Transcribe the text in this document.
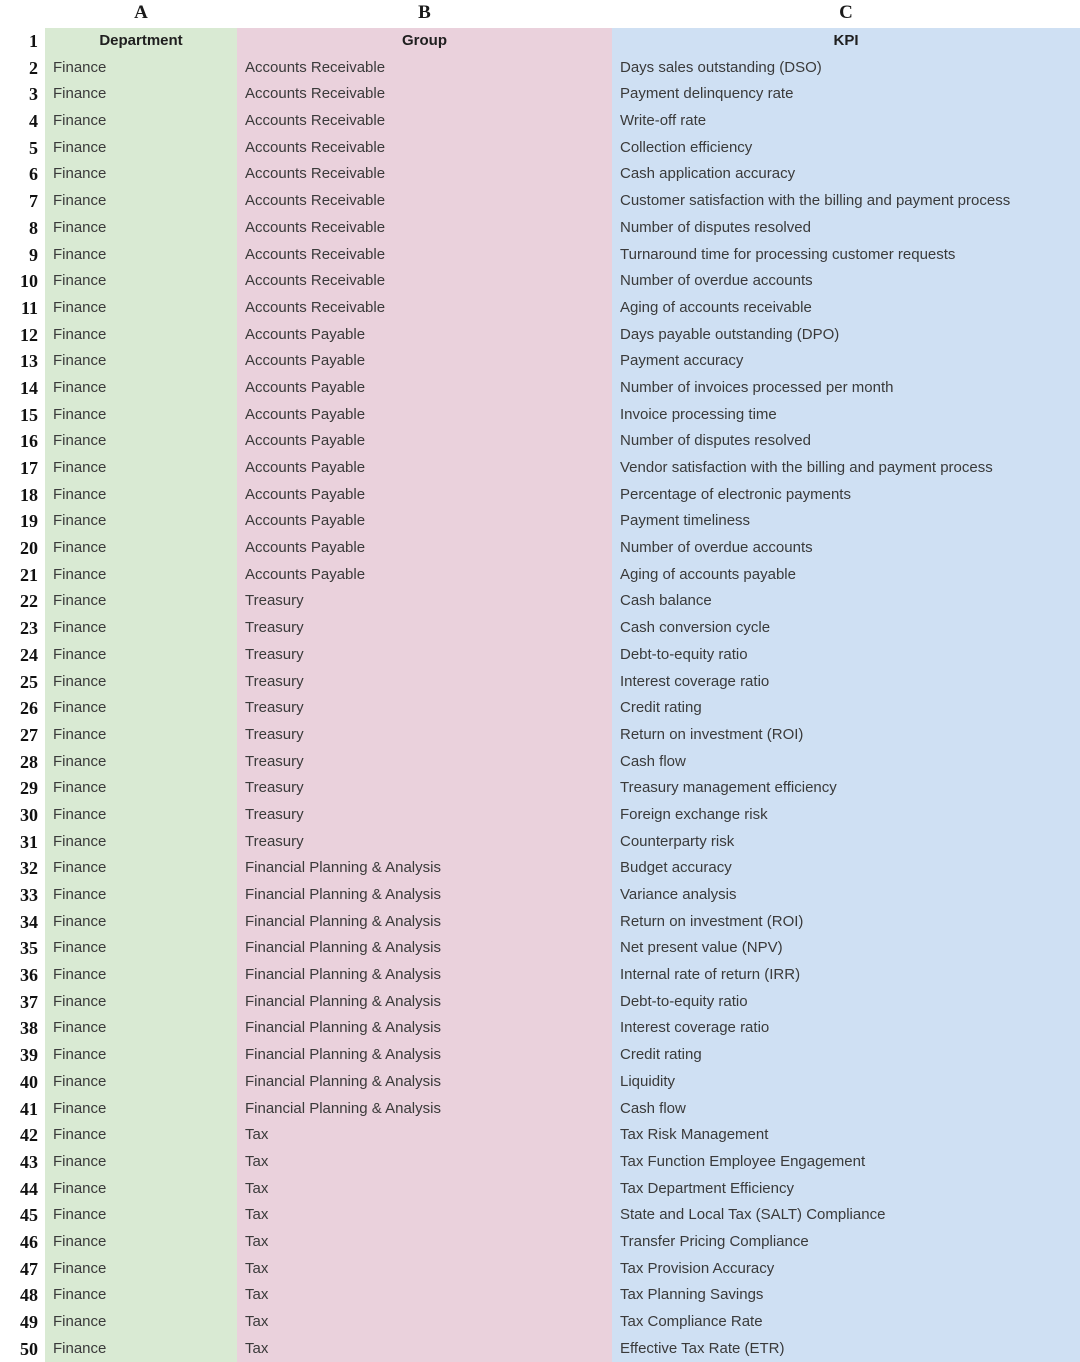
A	B	C
1	Department	Group	KPI
2	Finance	Accounts Receivable	Days sales outstanding (DSO)
3	Finance	Accounts Receivable	Payment delinquency rate
4	Finance	Accounts Receivable	Write-off rate
5	Finance	Accounts Receivable	Collection efficiency
6	Finance	Accounts Receivable	Cash application accuracy
7	Finance	Accounts Receivable	Customer satisfaction with the billing and payment process
8	Finance	Accounts Receivable	Number of disputes resolved
9	Finance	Accounts Receivable	Turnaround time for processing customer requests
10	Finance	Accounts Receivable	Number of overdue accounts
11	Finance	Accounts Receivable	Aging of accounts receivable
12	Finance	Accounts Payable	Days payable outstanding (DPO)
13	Finance	Accounts Payable	Payment accuracy
14	Finance	Accounts Payable	Number of invoices processed per month
15	Finance	Accounts Payable	Invoice processing time
16	Finance	Accounts Payable	Number of disputes resolved
17	Finance	Accounts Payable	Vendor satisfaction with the billing and payment process
18	Finance	Accounts Payable	Percentage of electronic payments
19	Finance	Accounts Payable	Payment timeliness
20	Finance	Accounts Payable	Number of overdue accounts
21	Finance	Accounts Payable	Aging of accounts payable
22	Finance	Treasury	Cash balance
23	Finance	Treasury	Cash conversion cycle
24	Finance	Treasury	Debt-to-equity ratio
25	Finance	Treasury	Interest coverage ratio
26	Finance	Treasury	Credit rating
27	Finance	Treasury	Return on investment (ROI)
28	Finance	Treasury	Cash flow
29	Finance	Treasury	Treasury management efficiency
30	Finance	Treasury	Foreign exchange risk
31	Finance	Treasury	Counterparty risk
32	Finance	Financial Planning & Analysis	Budget accuracy
33	Finance	Financial Planning & Analysis	Variance analysis
34	Finance	Financial Planning & Analysis	Return on investment (ROI)
35	Finance	Financial Planning & Analysis	Net present value (NPV)
36	Finance	Financial Planning & Analysis	Internal rate of return (IRR)
37	Finance	Financial Planning & Analysis	Debt-to-equity ratio
38	Finance	Financial Planning & Analysis	Interest coverage ratio
39	Finance	Financial Planning & Analysis	Credit rating
40	Finance	Financial Planning & Analysis	Liquidity
41	Finance	Financial Planning & Analysis	Cash flow
42	Finance	Tax	Tax Risk Management
43	Finance	Tax	Tax Function Employee Engagement
44	Finance	Tax	Tax Department Efficiency
45	Finance	Tax	State and Local Tax (SALT) Compliance
46	Finance	Tax	Transfer Pricing Compliance
47	Finance	Tax	Tax Provision Accuracy
48	Finance	Tax	Tax Planning Savings
49	Finance	Tax	Tax Compliance Rate
50	Finance	Tax	Effective Tax Rate (ETR)
